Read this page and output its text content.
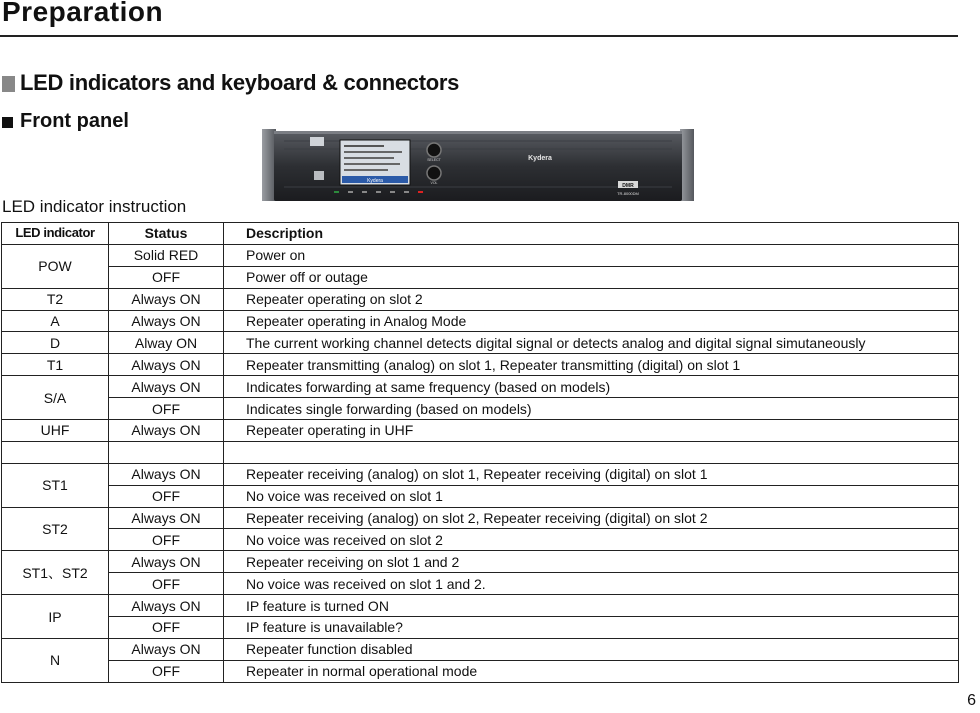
Preparation
LED indicators and keyboard & connectors
Front panel
Kydera
SELECT
VOL
Kydera
DMR
TR-8000DM
LED indicator instruction
LED indicator	Status	Description
POW	Solid RED	Power on
	OFF	Power off or outage
T2	Always ON	Repeater operating on slot 2
A	Always ON	Repeater operating in Analog Mode
D	Alway ON	The current working channel detects digital signal or detects analog and digital signal simutaneously
T1	Always ON	Repeater transmitting (analog) on slot 1, Repeater transmitting (digital) on slot 1
S/A	Always ON	Indicates forwarding at same frequency (based on models)
	OFF	Indicates single forwarding (based on models)
UHF	Always ON	Repeater operating in UHF

ST1	Always ON	Repeater receiving (analog) on slot 1, Repeater receiving (digital) on slot 1
	OFF	No voice was received on slot 1
ST2	Always ON	Repeater receiving (analog) on slot 2, Repeater receiving (digital) on slot 2
	OFF	No voice was received on slot 2
ST1、ST2	Always ON	Repeater receiving on slot 1 and 2
	OFF	No voice was received on slot 1 and 2.
IP	Always ON	IP feature is turned ON
	OFF	IP feature is unavailable?
N	Always ON	Repeater function disabled
	OFF	Repeater in normal operational mode
6
